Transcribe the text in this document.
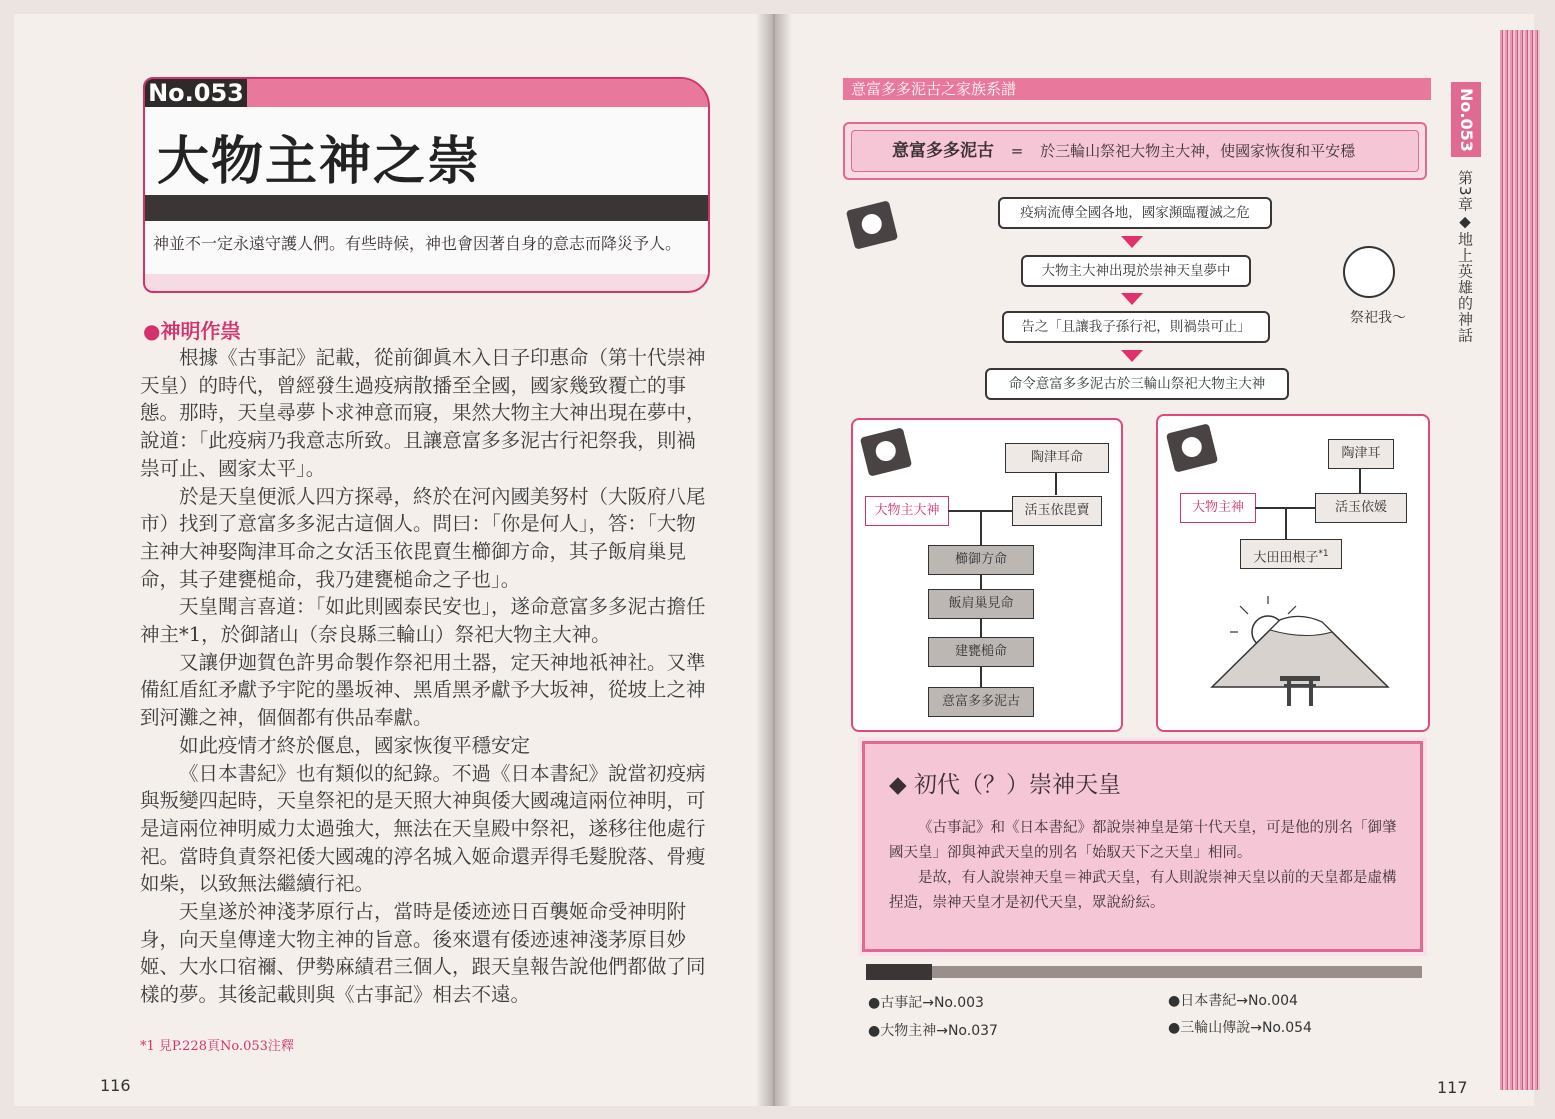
No.053
大物主神之崇
神並不一定永遠守護人們。有些時候，神也會因著自身的意志而降災予人。
●神明作祟

根據《古事記》記載，從前御眞木入日子印惠命（第十代崇神天皇）的時代，曾經發生過疫病散播至全國，國家幾致覆亡的事態。那時，天皇尋夢卜求神意而寢，果然大物主大神出現在夢中，說道：「此疫病乃我意志所致。且讓意富多多泥古行祀祭我，則禍祟可止、國家太平」。

於是天皇便派人四方探尋，終於在河內國美努村（大阪府八尾市）找到了意富多多泥古這個人。問曰：「你是何人」，答：「大物主神大神娶陶津耳命之女活玉依毘賣生櫛御方命，其子飯肩巢見命，其子建甕槌命，我乃建甕槌命之子也」。

天皇聞言喜道：「如此則國泰民安也」，遂命意富多多泥古擔任神主*1，於御諸山（奈良縣三輪山）祭祀大物主大神。

又讓伊迦賀色許男命製作祭祀用土器，定天神地祇神社。又準備紅盾紅矛獻予宇陀的墨坂神、黑盾黑矛獻予大坂神，從坡上之神到河灘之神，個個都有供品奉獻。

如此疫情才終於偃息，國家恢復平穩安定

《日本書紀》也有類似的紀錄。不過《日本書紀》說當初疫病與叛變四起時，天皇祭祀的是天照大神與倭大國魂這兩位神明，可是這兩位神明威力太過強大，無法在天皇殿中祭祀，遂移往他處行祀。當時負責祭祀倭大國魂的渟名城入姬命還弄得毛髮脫落、骨瘦如柴，以致無法繼續行祀。

天皇遂於神淺茅原行占，當時是倭迹迹日百襲姬命受神明附身，向天皇傳達大物主神的旨意。後來還有倭迹速神淺茅原目妙姬、大水口宿禰、伊勢麻績君三個人，跟天皇報告說他們都做了同樣的夢。其後記載則與《古事記》相去不遠。

*1 見P.228頁No.053注釋
116
意富多多泥古之家族系譜
意富多多泥古 = 於三輪山祭祀大物主大神，使國家恢復和平安穩
疫病流傳全國各地，國家瀕臨覆滅之危
大物主大神出現於崇神天皇夢中
告之「且讓我子孫行祀，則禍祟可止」
命令意富多多泥古於三輪山祭祀大物主大神
祭祀我〜
陶津耳命
大物主大神	活玉依毘賣
櫛御方命
飯肩巢見命
建甕槌命
意富多多泥古
陶津耳
大物主神	活玉依媛
大田田根子$^{*1}$
◆ 初代（？）崇神天皇

《古事記》和《日本書紀》都說崇神皇是第十代天皇，可是他的別名「御肇國天皇」卻與神武天皇的別名「始馭天下之天皇」相同。

是故，有人說崇神天皇＝神武天皇，有人則說崇神天皇以前的天皇都是虛構捏造，崇神天皇才是初代天皇，眾說紛紜。

●古事記→No.003	●日本書紀→No.004
●大物主神→No.037	●三輪山傳說→No.054
No.053
第3章◆地上英雄的神話
117
